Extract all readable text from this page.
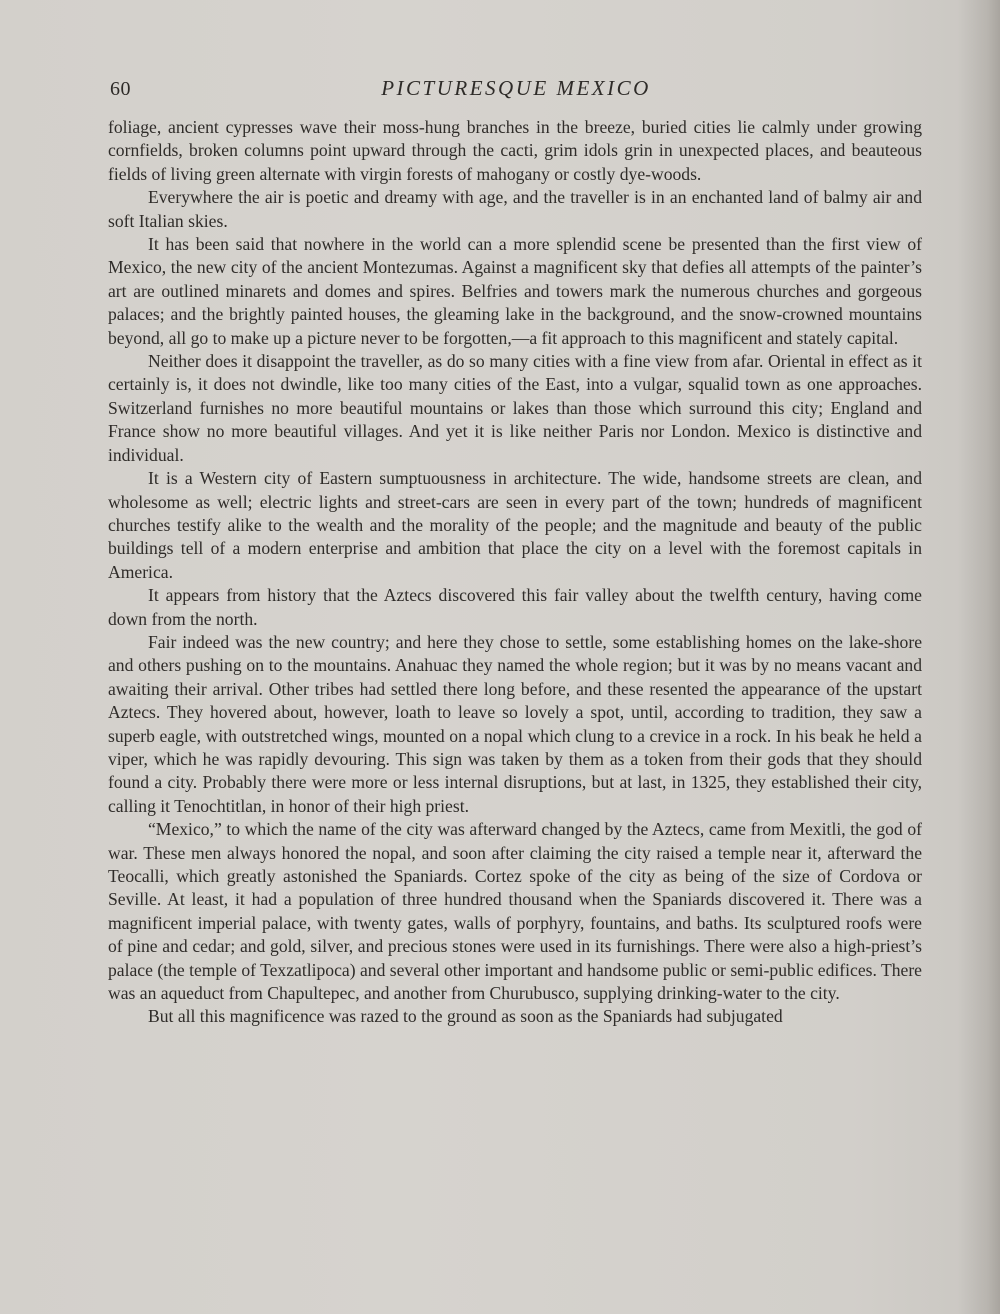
60	PICTURESQUE MEXICO

foliage, ancient cypresses wave their moss-hung branches in the breeze, buried cities lie calmly under growing cornfields, broken columns point upward through the cacti, grim idols grin in unexpected places, and beauteous fields of living green alternate with virgin forests of mahogany or costly dye-woods.

Everywhere the air is poetic and dreamy with age, and the traveller is in an enchanted land of balmy air and soft Italian skies.

It has been said that nowhere in the world can a more splendid scene be presented than the first view of Mexico, the new city of the ancient Montezumas. Against a magnificent sky that defies all attempts of the painter’s art are outlined minarets and domes and spires. Belfries and towers mark the numerous churches and gorgeous palaces; and the brightly painted houses, the gleaming lake in the background, and the snow-crowned mountains beyond, all go to make up a picture never to be forgotten,—a fit approach to this magnificent and stately capital.

Neither does it disappoint the traveller, as do so many cities with a fine view from afar. Oriental in effect as it certainly is, it does not dwindle, like too many cities of the East, into a vulgar, squalid town as one approaches. Switzerland furnishes no more beautiful mountains or lakes than those which surround this city; England and France show no more beautiful villages. And yet it is like neither Paris nor London. Mexico is distinctive and individual.

It is a Western city of Eastern sumptuousness in architecture. The wide, handsome streets are clean, and wholesome as well; electric lights and street-cars are seen in every part of the town; hundreds of magnificent churches testify alike to the wealth and the morality of the people; and the magnitude and beauty of the public buildings tell of a modern enterprise and ambition that place the city on a level with the foremost capitals in America.

It appears from history that the Aztecs discovered this fair valley about the twelfth century, having come down from the north.

Fair indeed was the new country; and here they chose to settle, some establishing homes on the lake-shore and others pushing on to the mountains. Anahuac they named the whole region; but it was by no means vacant and awaiting their arrival. Other tribes had settled there long before, and these resented the appearance of the upstart Aztecs. They hovered about, however, loath to leave so lovely a spot, until, according to tradition, they saw a superb eagle, with outstretched wings, mounted on a nopal which clung to a crevice in a rock. In his beak he held a viper, which he was rapidly devouring. This sign was taken by them as a token from their gods that they should found a city. Probably there were more or less internal disruptions, but at last, in 1325, they established their city, calling it Tenochtitlan, in honor of their high priest.

“Mexico,” to which the name of the city was afterward changed by the Aztecs, came from Mexitli, the god of war. These men always honored the nopal, and soon after claiming the city raised a temple near it, afterward the Teocalli, which greatly astonished the Spaniards. Cortez spoke of the city as being of the size of Cordova or Seville. At least, it had a population of three hundred thousand when the Spaniards discovered it. There was a magnificent imperial palace, with twenty gates, walls of porphyry, fountains, and baths. Its sculptured roofs were of pine and cedar; and gold, silver, and precious stones were used in its furnishings. There were also a high-priest’s palace (the temple of Texzatlipoca) and several other important and handsome public or semi-public edifices. There was an aqueduct from Chapultepec, and another from Churubusco, supplying drinking-water to the city.

But all this magnificence was razed to the ground as soon as the Spaniards had subjugated
